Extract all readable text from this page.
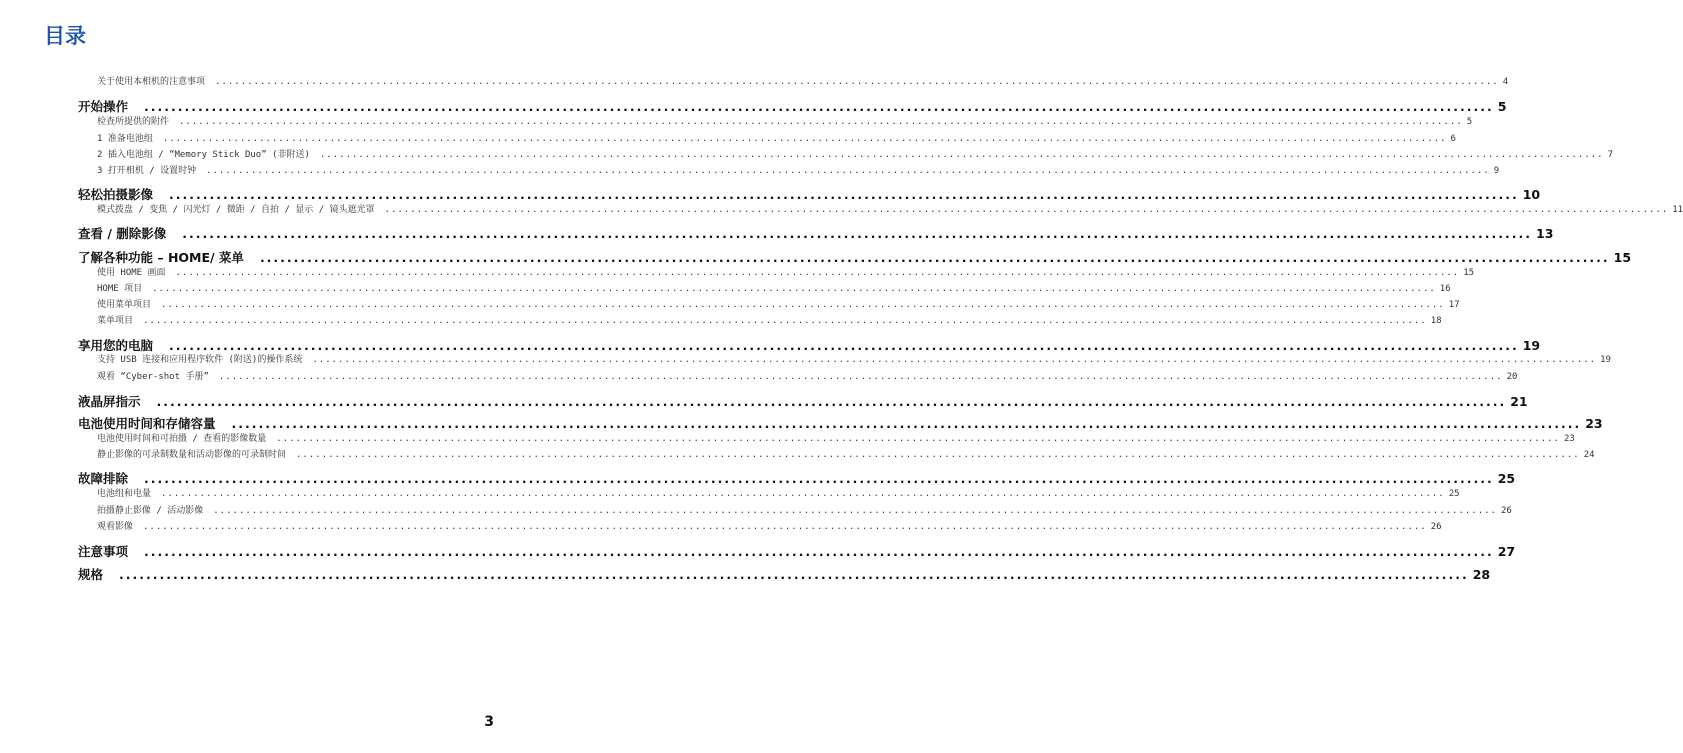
目录
关于使用本相机的注意事项 ........................................................................................................................................................................................................ 4
开始操作 ........................................................................................................................................................................................................ 5
检查所提供的附件 ........................................................................................................................................................................................................ 5
1 准备电池组 ........................................................................................................................................................................................................ 6
2 插入电池组 / “Memory Stick Duo” (非附送) ........................................................................................................................................................................................................ 7
3 打开相机 / 设置时钟 ........................................................................................................................................................................................................ 9
轻松拍摄影像 ........................................................................................................................................................................................................ 10
模式拨盘 / 变焦 / 闪光灯 / 微距 / 自拍 / 显示 / 镜头遮光罩 ........................................................................................................................................................................................................ 11
查看 / 删除影像 ........................................................................................................................................................................................................ 13
了解各种功能 – HOME/ 菜单 ........................................................................................................................................................................................................ 15
使用 HOME 画面 ........................................................................................................................................................................................................ 15
HOME 项目 ........................................................................................................................................................................................................ 16
使用菜单项目 ........................................................................................................................................................................................................ 17
菜单项目 ........................................................................................................................................................................................................ 18
享用您的电脑 ........................................................................................................................................................................................................ 19
支持 USB 连接和应用程序软件 (附送)的操作系统 ........................................................................................................................................................................................................ 19
观看 “Cyber-shot 手册” ........................................................................................................................................................................................................ 20
液晶屏指示 ........................................................................................................................................................................................................ 21
电池使用时间和存储容量 ........................................................................................................................................................................................................ 23
电池使用时间和可拍摄 / 查看的影像数量 ........................................................................................................................................................................................................ 23
静止影像的可录制数量和活动影像的可录制时间 ........................................................................................................................................................................................................ 24
故障排除 ........................................................................................................................................................................................................ 25
电池组和电量 ........................................................................................................................................................................................................ 25
拍摄静止影像 / 活动影像 ........................................................................................................................................................................................................ 26
观看影像 ........................................................................................................................................................................................................ 26
注意事项 ........................................................................................................................................................................................................ 27
规格 ........................................................................................................................................................................................................ 28
3
